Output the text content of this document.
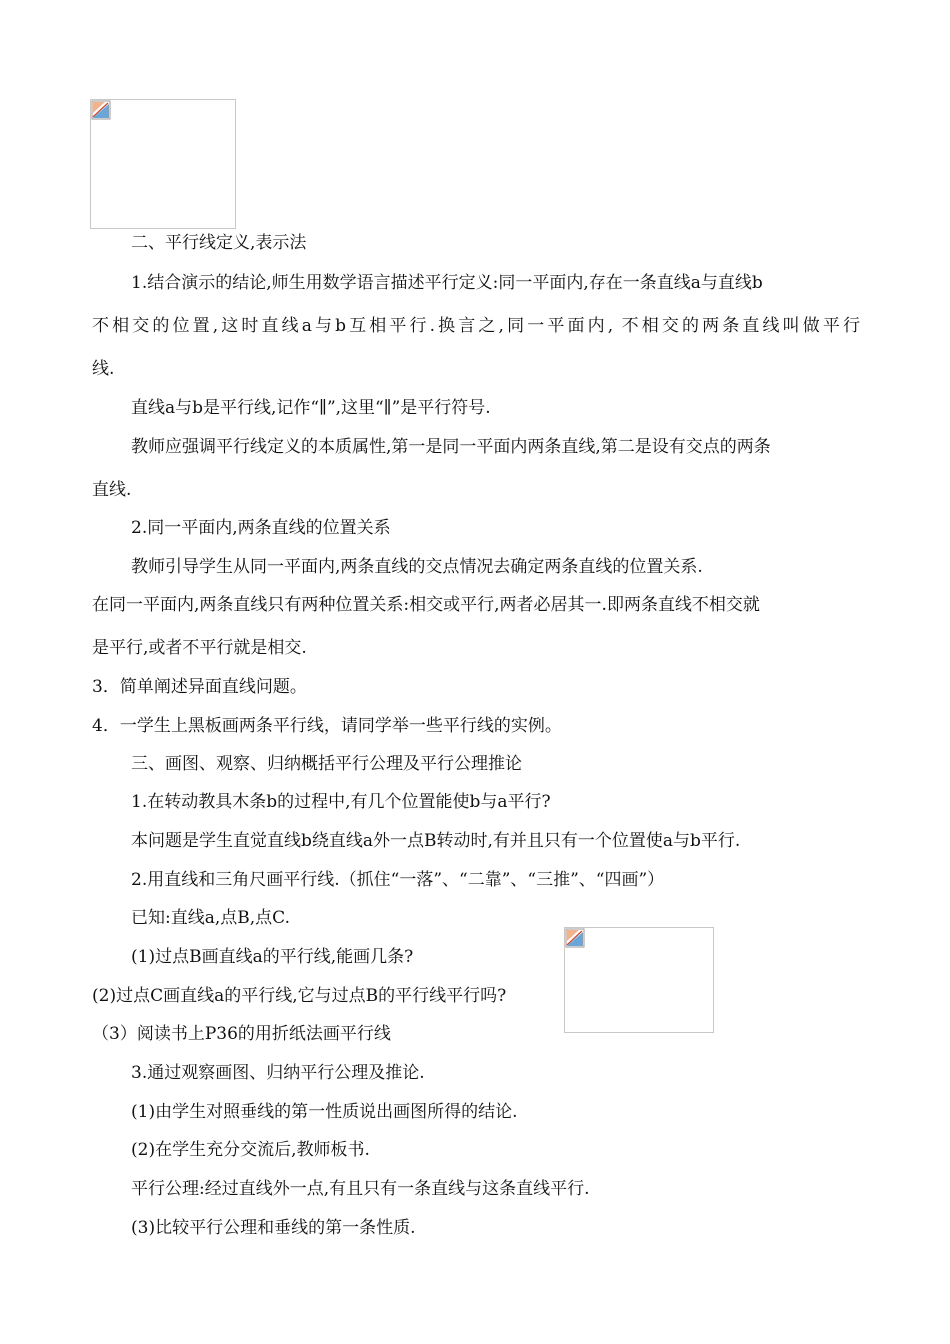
二、平行线定义,表示法
1.结合演示的结论,师生用数学语言描述平行定义:同一平面内,存在一条直线a与直线b
不相交的位置,这时直线a与b互相平行.换言之,同一平面内, 不相交的两条直线叫做平行
线.
直线a与b是平行线,记作“∥”,这里“∥”是平行符号.
教师应强调平行线定义的本质属性,第一是同一平面内两条直线,第二是设有交点的两条
直线.
2.同一平面内,两条直线的位置关系
教师引导学生从同一平面内,两条直线的交点情况去确定两条直线的位置关系.
在同一平面内,两条直线只有两种位置关系:相交或平行,两者必居其一.即两条直线不相交就
是平行,或者不平行就是相交.
3．简单阐述异面直线问题。
4．一学生上黑板画两条平行线，请同学举一些平行线的实例。
三、画图、观察、归纳概括平行公理及平行公理推论
1.在转动教具木条b的过程中,有几个位置能使b与a平行?
本问题是学生直觉直线b绕直线a外一点B转动时,有并且只有一个位置使a与b平行.
2.用直线和三角尺画平行线.（抓住“一落”、“二靠”、“三推”、“四画”）
已知:直线a,点B,点C.
(1)过点B画直线a的平行线,能画几条?
(2)过点C画直线a的平行线,它与过点B的平行线平行吗?
（3）阅读书上P36的用折纸法画平行线
3.通过观察画图、归纳平行公理及推论.
(1)由学生对照垂线的第一性质说出画图所得的结论.
(2)在学生充分交流后,教师板书.
平行公理:经过直线外一点,有且只有一条直线与这条直线平行.
(3)比较平行公理和垂线的第一条性质.
